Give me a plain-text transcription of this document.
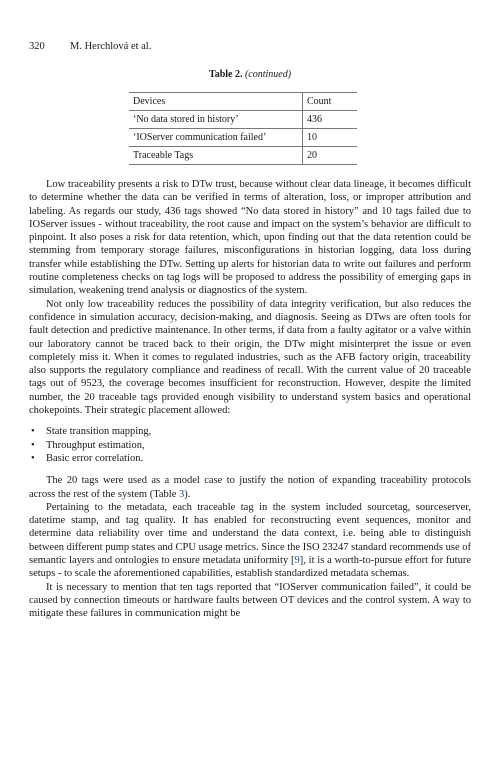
320 M. Herchlová et al.
Table 2. (continued)
Devices	Count
‘No data stored in history’	436
‘IOServer communication failed’	10
Traceable Tags	20

Low traceability presents a risk to DTw trust, because without clear data lineage, it becomes difficult to determine whether the data can be verified in terms of alteration, loss, or improper attribution and labeling. As regards our study, 436 tags showed “No data stored in history” and 10 tags failed due to IOServer issues - without traceability, the root cause and impact on the system’s behavior are difficult to pinpoint. It also poses a risk for data retention, which, upon finding out that the data retention could be stemming from temporary storage failures, misconfigurations in historian logging, data loss during transfer while establishing the DTw. Setting up alerts for historian data to write out failures and perform routine completeness checks on tag logs will be proposed to address the possibility of emerging gaps in simulation, weakening trend analysis or diagnostics of the system.

Not only low traceability reduces the possibility of data integrity verification, but also reduces the confidence in simulation accuracy, decision-making, and diagnosis. Seeing as DTws are often tools for fault detection and predictive maintenance. In other terms, if data from a faulty agitator or a valve within our laboratory cannot be traced back to their origin, the DTw might misinterpret the issue or even completely miss it. When it comes to regulated industries, such as the AFB factory origin, traceability also supports the regulatory compliance and readiness of recall. With the current value of 20 traceable tags out of 9523, the coverage becomes insufficient for reconstruction. However, despite the limited number, the 20 traceable tags provided enough visibility to understand system basics and operational chokepoints. Their strategic placement allowed:

• State transition mapping,
• Throughput estimation,
• Basic error correlation.

The 20 tags were used as a model case to justify the notion of expanding traceability protocols across the rest of the system (Table 3).

Pertaining to the metadata, each traceable tag in the system included sourcetag, sourceserver, datetime stamp, and tag quality. It has enabled for reconstructing event sequences, monitor and determine data reliability over time and understand the data context, i.e. being able to distinguish between different pump states and CPU usage metrics. Since the ISO 23247 standard recommends use of semantic layers and ontologies to ensure metadata uniformity [9], it is a worth-to-pursue effort for future setups - to scale the aforementioned capabilities, establish standardized metadata schemas.

It is necessary to mention that ten tags reported that “IOServer communication failed”, it could be caused by connection timeouts or hardware faults between OT devices and the control system. A way to mitigate these failures in communication might be
